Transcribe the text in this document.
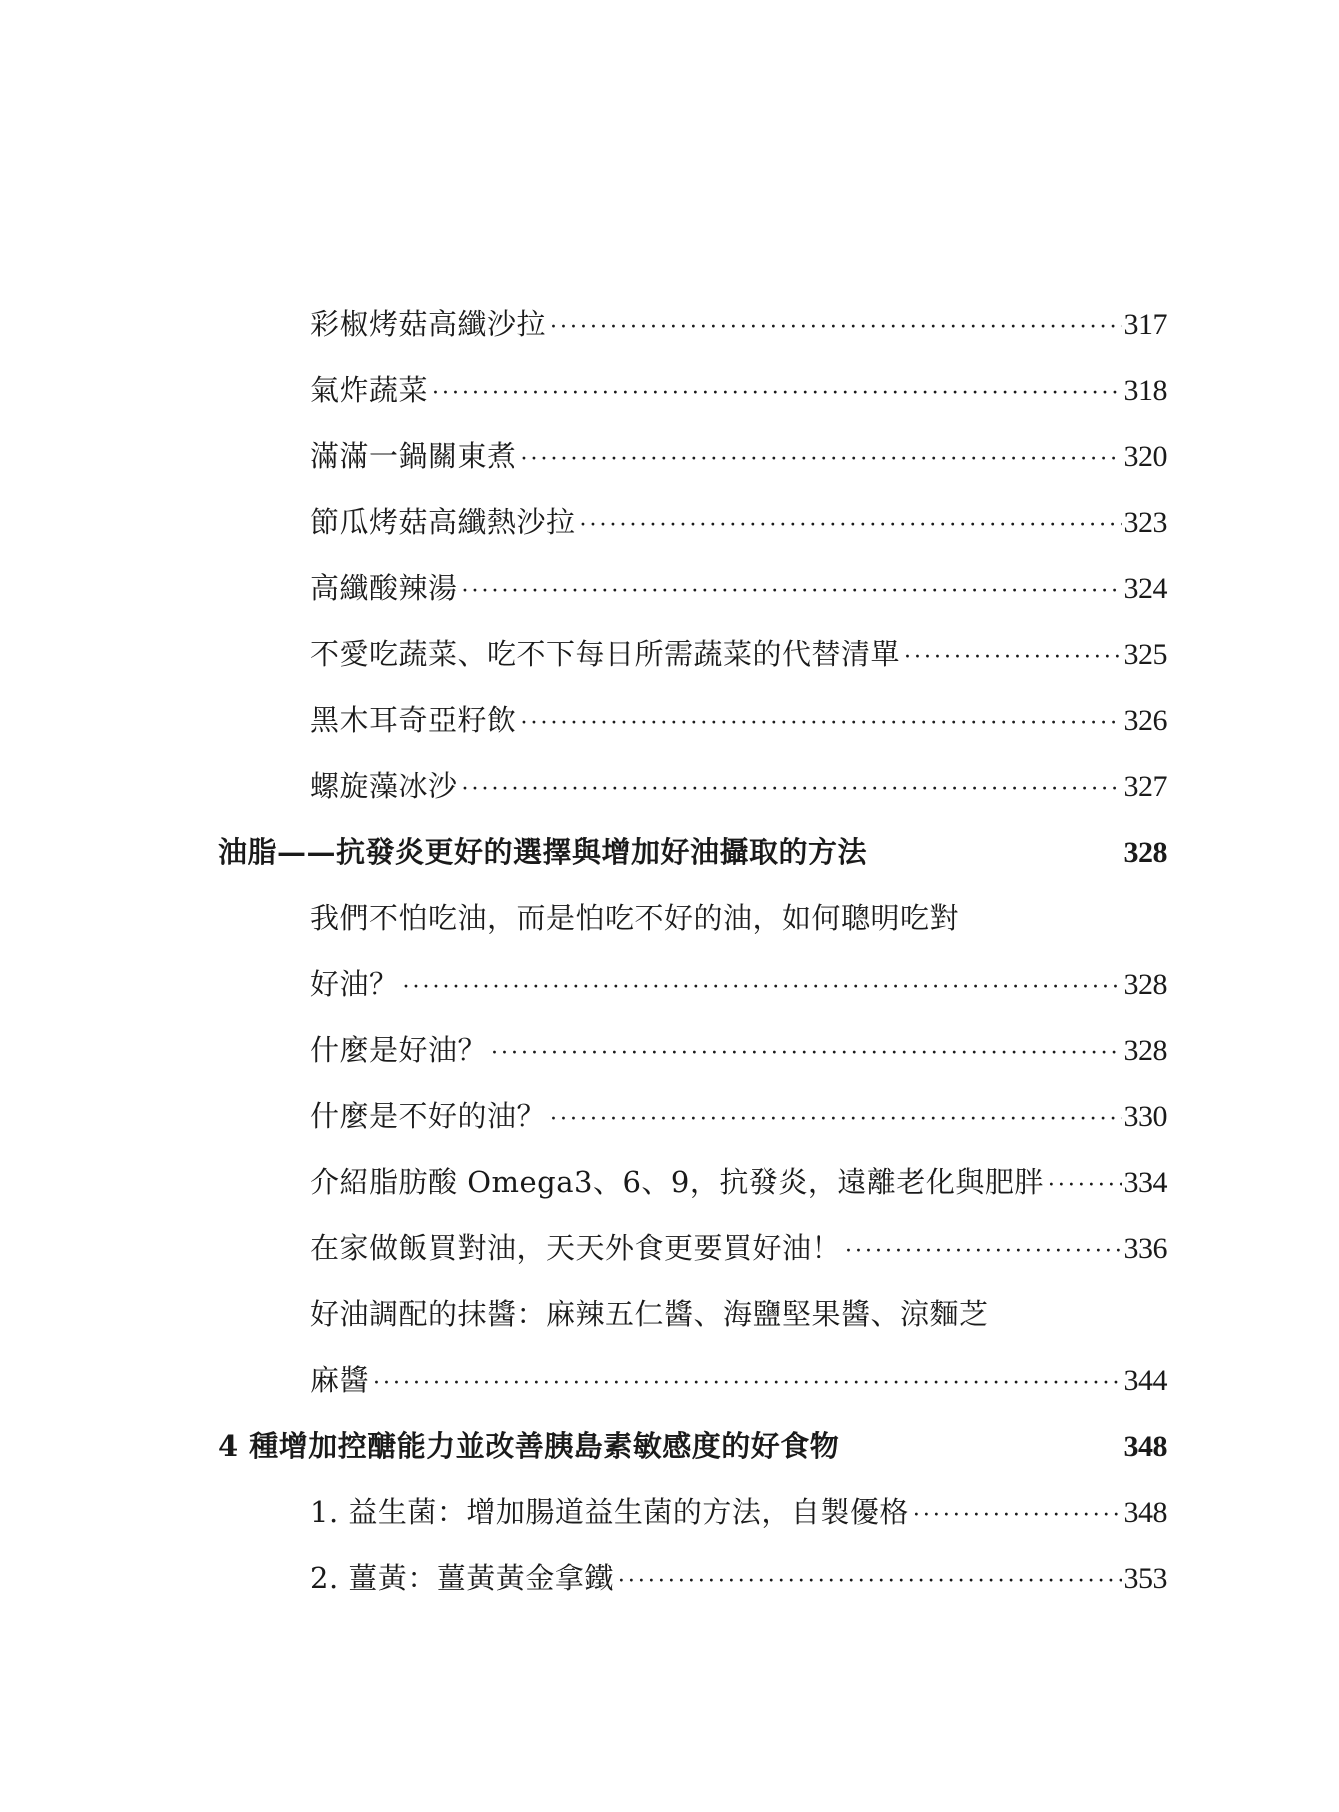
彩椒烤菇高纖沙拉 ·····	317
氣炸蔬菜 ·····	318
滿滿一鍋關東煮 ·····	320
節瓜烤菇高纖熱沙拉 ·····	323
高纖酸辣湯 ·····	324
不愛吃蔬菜、吃不下每日所需蔬菜的代替清單 ·····	325
黑木耳奇亞籽飲 ·····	326
螺旋藻冰沙 ·····	327
油脂——抗發炎更好的選擇與增加好油攝取的方法	328
我們不怕吃油，而是怕吃不好的油，如何聰明吃對
好油？ ·····	328
什麼是好油？ ·····	328
什麼是不好的油？ ·····	330
介紹脂肪酸 Omega3、6、9，抗發炎，遠離老化與肥胖 ·····	334
在家做飯買對油，天天外食更要買好油！ ·····	336
好油調配的抹醬：麻辣五仁醬、海鹽堅果醬、涼麵芝
麻醬 ·····	344
4 種增加控醣能力並改善胰島素敏感度的好食物	348
1. 益生菌：增加腸道益生菌的方法，自製優格 ·····	348
2. 薑黃：薑黃黃金拿鐵 ·····	353
